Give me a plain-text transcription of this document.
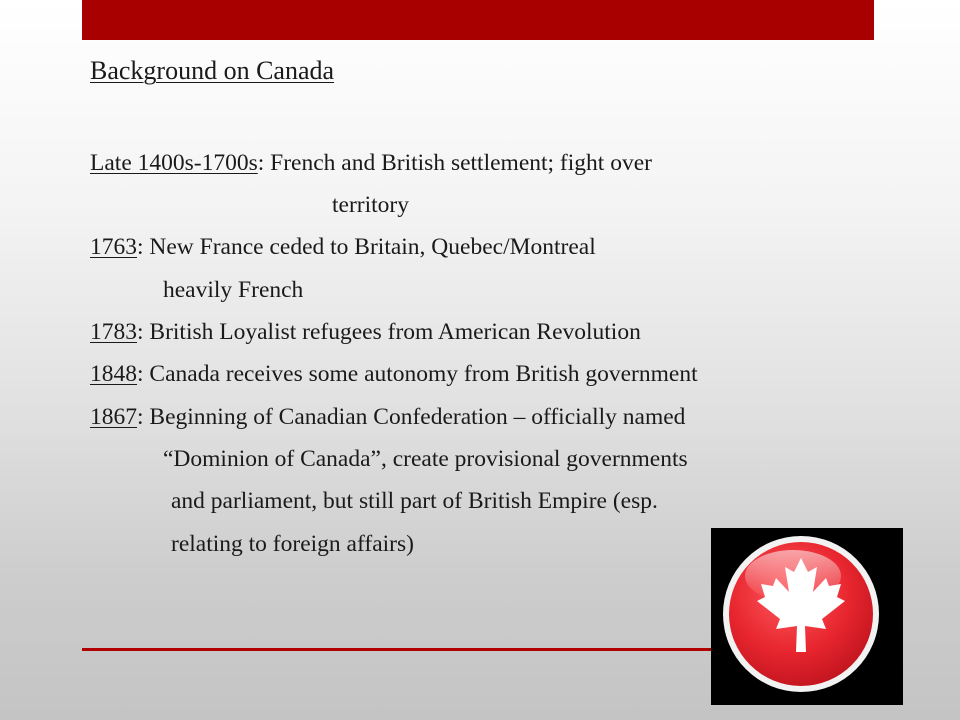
Background on Canada
Late 1400s-1700s: French and British settlement; fight over
territory
1763: New France ceded to Britain, Quebec/Montreal
heavily French
1783: British Loyalist refugees from American Revolution
1848: Canada receives some autonomy from British government
1867: Beginning of Canadian Confederation – officially named
“Dominion of Canada”, create provisional governments
and parliament, but still part of British Empire (esp.
relating to foreign affairs)
